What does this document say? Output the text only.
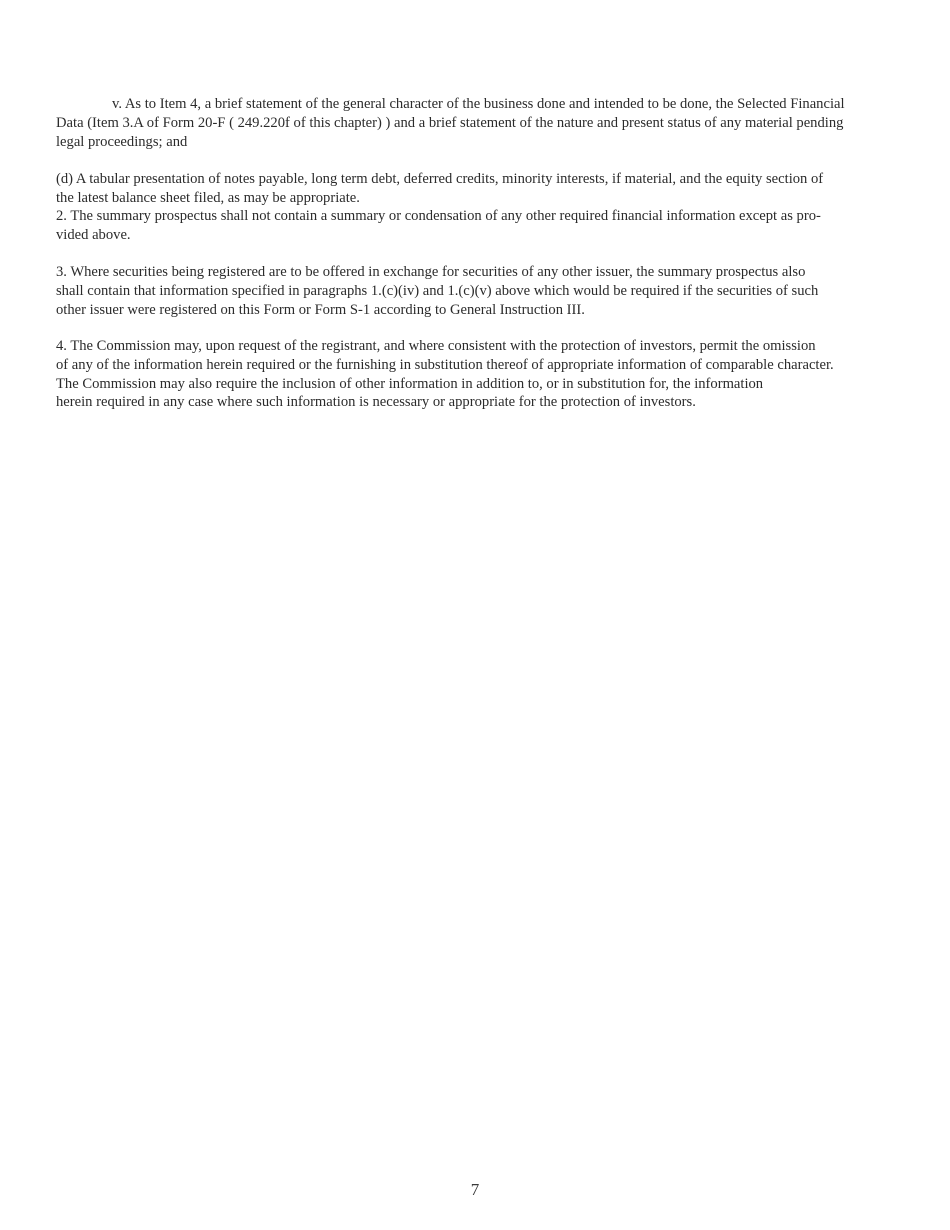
v. As to Item 4, a brief statement of the general character of the business done and intended to be done, the Selected Financial
Data (Item 3.A of Form 20-F ( 249.220f of this chapter) ) and a brief statement of the nature and present status of any material pending
legal proceedings; and

(d) A tabular presentation of notes payable, long term debt, deferred credits, minority interests, if material, and the equity section of
the latest balance sheet filed, as may be appropriate.

2. The summary prospectus shall not contain a summary or condensation of any other required financial information except as pro-
vided above.

3. Where securities being registered are to be offered in exchange for securities of any other issuer, the summary prospectus also
shall contain that information specified in paragraphs 1.(c)(iv) and 1.(c)(v) above which would be required if the securities of such
other issuer were registered on this Form or Form S-1 according to General Instruction III.

4. The Commission may, upon request of the registrant, and where consistent with the protection of investors, permit the omission
of any of the information herein required or the furnishing in substitution thereof of appropriate information of comparable character.
The Commission may also require the inclusion of other information in addition to, or in substitution for, the information
herein required in any case where such information is necessary or appropriate for the protection of investors.

7
